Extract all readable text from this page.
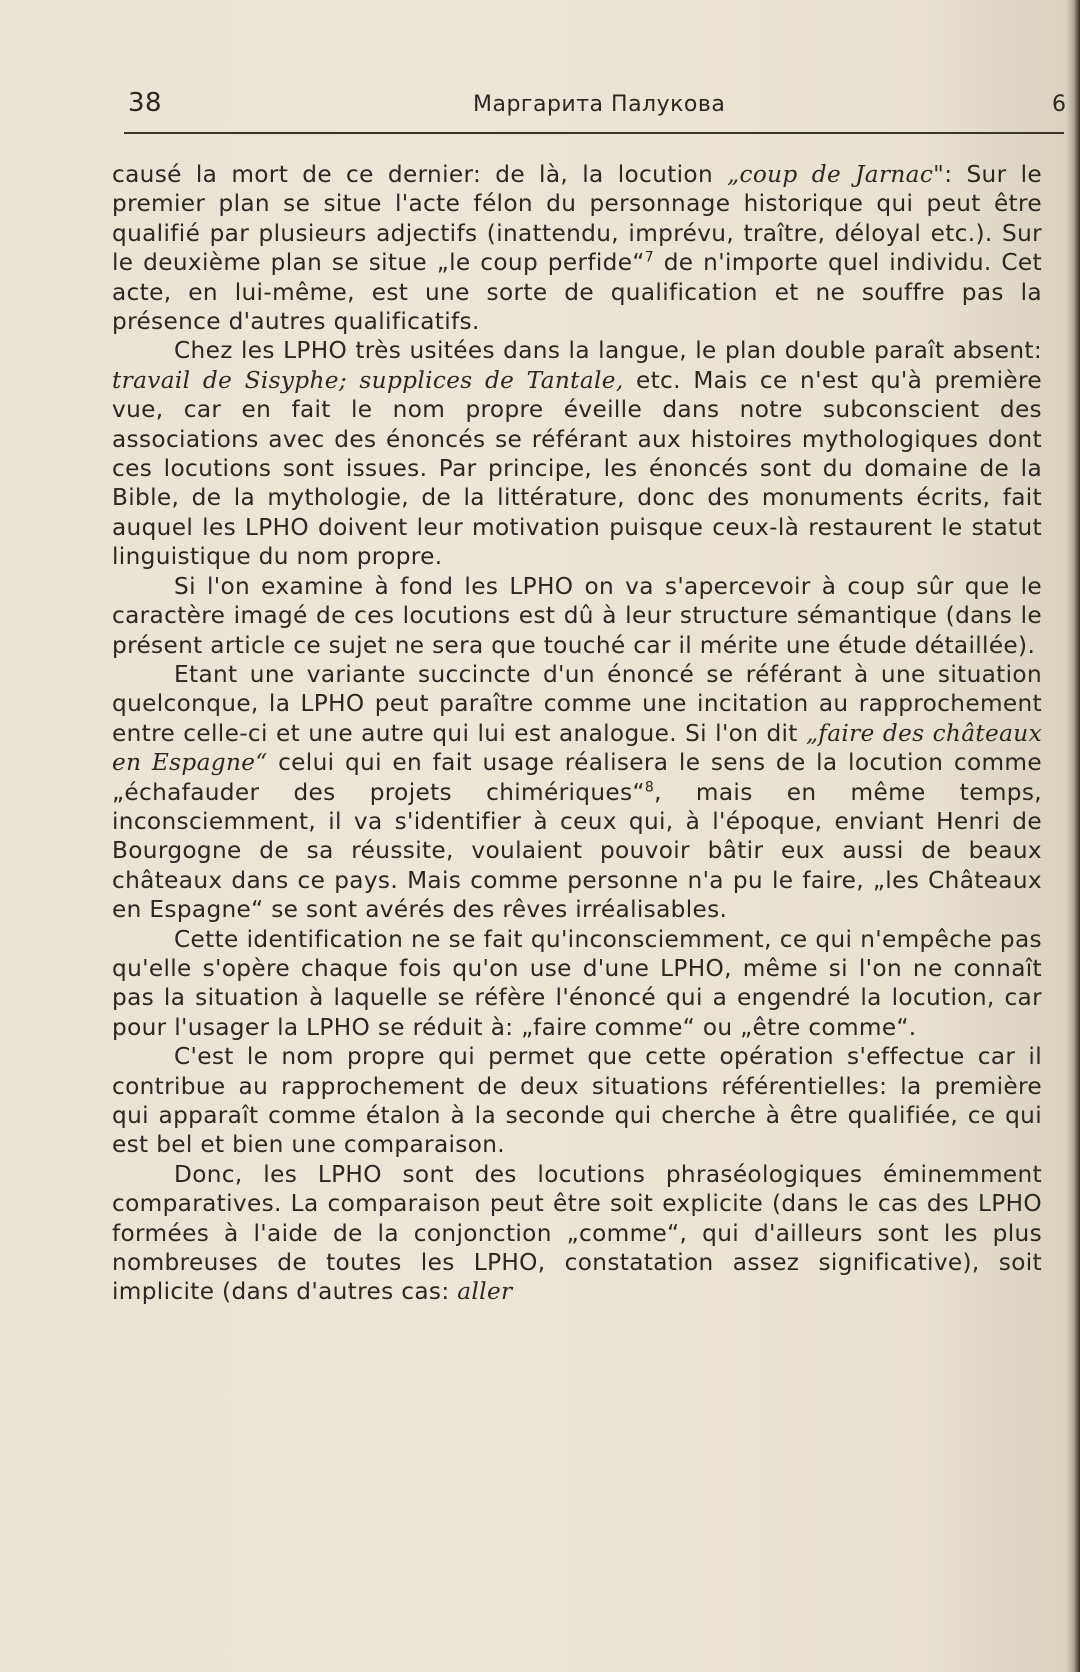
38	Маргарита Палукова	6

causé la mort de ce dernier: de là, la locution „coup de Jarnac": Sur le premier plan se situe l'acte félon du personnage historique qui peut être qualifié par plusieurs adjectifs (inattendu, imprévu, traître, déloyal etc.). Sur le deuxième plan se situe „le coup perfide“$^7$ de n'importe quel individu. Cet acte, en lui-même, est une sorte de qualification et ne souffre pas la présence d'autres qualificatifs.

Chez les LPHO très usitées dans la langue, le plan double paraît absent: travail de Sisyphe; supplices de Tantale, etc. Mais ce n'est qu'à première vue, car en fait le nom propre éveille dans notre subconscient des associations avec des énoncés se référant aux histoires mythologiques dont ces locutions sont issues. Par principe, les énoncés sont du domaine de la Bible, de la mythologie, de la littérature, donc des monuments écrits, fait auquel les LPHO doivent leur motivation puisque ceux-là restaurent le statut linguistique du nom propre.

Si l'on examine à fond les LPHO on va s'apercevoir à coup sûr que le caractère imagé de ces locutions est dû à leur structure sémantique (dans le présent article ce sujet ne sera que touché car il mérite une étude détaillée).

Etant une variante succincte d'un énoncé se référant à une situation quelconque, la LPHO peut paraître comme une incitation au rapprochement entre celle-ci et une autre qui lui est analogue. Si l'on dit „faire des châteaux en Espagne“ celui qui en fait usage réalisera le sens de la locution comme „échafauder des projets chimériques“$^8$, mais en même temps, inconsciemment, il va s'identifier à ceux qui, à l'époque, enviant Henri de Bourgogne de sa réussite, voulaient pouvoir bâtir eux aussi de beaux châteaux dans ce pays. Mais comme personne n'a pu le faire, „les Châteaux en Espagne“ se sont avérés des rêves irréalisables.

Cette identification ne se fait qu'inconsciemment, ce qui n'empêche pas qu'elle s'opère chaque fois qu'on use d'une LPHO, même si l'on ne connaît pas la situation à laquelle se réfère l'énoncé qui a engendré la locution, car pour l'usager la LPHO se réduit à: „faire comme“ ou „être comme“.

C'est le nom propre qui permet que cette opération s'effectue car il contribue au rapprochement de deux situations référentielles: la première qui apparaît comme étalon à la seconde qui cherche à être qualifiée, ce qui est bel et bien une comparaison.

Donc, les LPHO sont des locutions phraséologiques éminemment comparatives. La comparaison peut être soit explicite (dans le cas des LPHO formées à l'aide de la conjonction „comme“, qui d'ailleurs sont les plus nombreuses de toutes les LPHO, constatation assez significative), soit implicite (dans d'autres cas: aller
